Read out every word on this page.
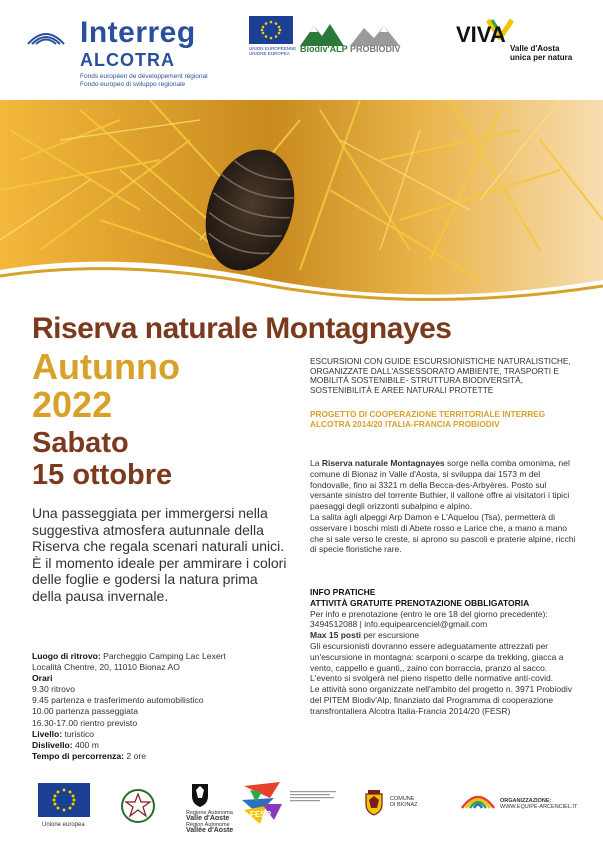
Interreg
ALCOTRA
Fonds européen de développement régional
Fondo europeo di sviluppo regionale
UNION EUROPÉENNE
UNIONE EUROPEA	Biodiv'ALP PROBIODIV
VIVA
Valle d'Aosta
unica per natura
Riserva naturale Montagnayes
Autunno
2022
Sabato
15 ottobre
Una passeggiata per immergersi nella suggestiva atmosfera autunnale della Riserva che regala scenari naturali unici. È il momento ideale per ammirare i colori delle foglie e godersi la natura prima della pausa invernale.
Luogo di ritrovo: Parcheggio Camping Lac Lexert
Località Chentre, 20, 11010 Bionaz AO
Orari
9.30 ritrovo
9.45 partenza e trasferimento automobilistico
10.00 partenza passeggiata
16.30-17.00 rientro previsto
Livello: turistico
Dislivello: 400 m
Tempo di percorrenza: 2 ore
ESCURSIONI CON GUIDE ESCURSIONISTICHE NATURALISTICHE, ORGANIZZATE DALL'ASSESSORATO AMBIENTE, TRASPORTI E MOBILITÀ SOSTENIBILE- STRUTTURA BIODIVERSITÀ, SOSTENIBILITÀ E AREE NATURALI PROTETTE
PROGETTO DI COOPERAZIONE TERRITORIALE INTERREG ALCOTRA 2014/20 ITALIA-FRANCIA PROBIODIV

La Riserva naturale Montagnayes sorge nella comba omonima, nel comune di Bionaz in Valle d'Aosta, si sviluppa dai 1573 m del fondovalle, fino ai 3321 m della Becca-des-Arbyères. Posto sul versante sinistro del torrente Buthier, il vallone offre ai visitatori i tipici paesaggi degli orizzonti subalpino e alpino.

La salita agli alpeggi Arp Damon e L'Aquelou (Tsa), permetterà di osservare i boschi misti di Abete rosso e Larice che, a mano a mano che si sale verso le creste, si aprono su pascoli e praterie alpine, ricchi di specie floristiche rare.

INFO PRATICHE

ATTIVITÀ GRATUITE PRENOTAZIONE OBBLIGATORIA

Per info e prenotazione (entro le ore 18 del giorno precedente):

3494512088 | info.equipearcenciel@gmail.com

Max 15 posti per escursione

Gli escursionisti dovranno essere adeguatamente attrezzati per un'escursione in montagna: scarponi o scarpe da trekking, giacca a vento, cappello e guanti,, zaino con borraccia, pranzo al sacco.

L'evento si svolgerà nel pieno rispetto delle normative anti-covid.

Le attività sono organizzate nell'ambito del progetto n. 3971 Probiodiv del PITEM Biodiv'Alp, finanziato dal Programma di cooperazione transfrontaliera Alcotra Italia-Francia 2014/20 (FESR)

Unione europea
Regione Autonoma
Valle d'Aoste
Région Autonome
Vallée d'Aoste
FESR
COMUNE
DI BIONAZ
ORGANIZZAZIONE:
WWW.EQUIPE-ARCENCIEL.IT
